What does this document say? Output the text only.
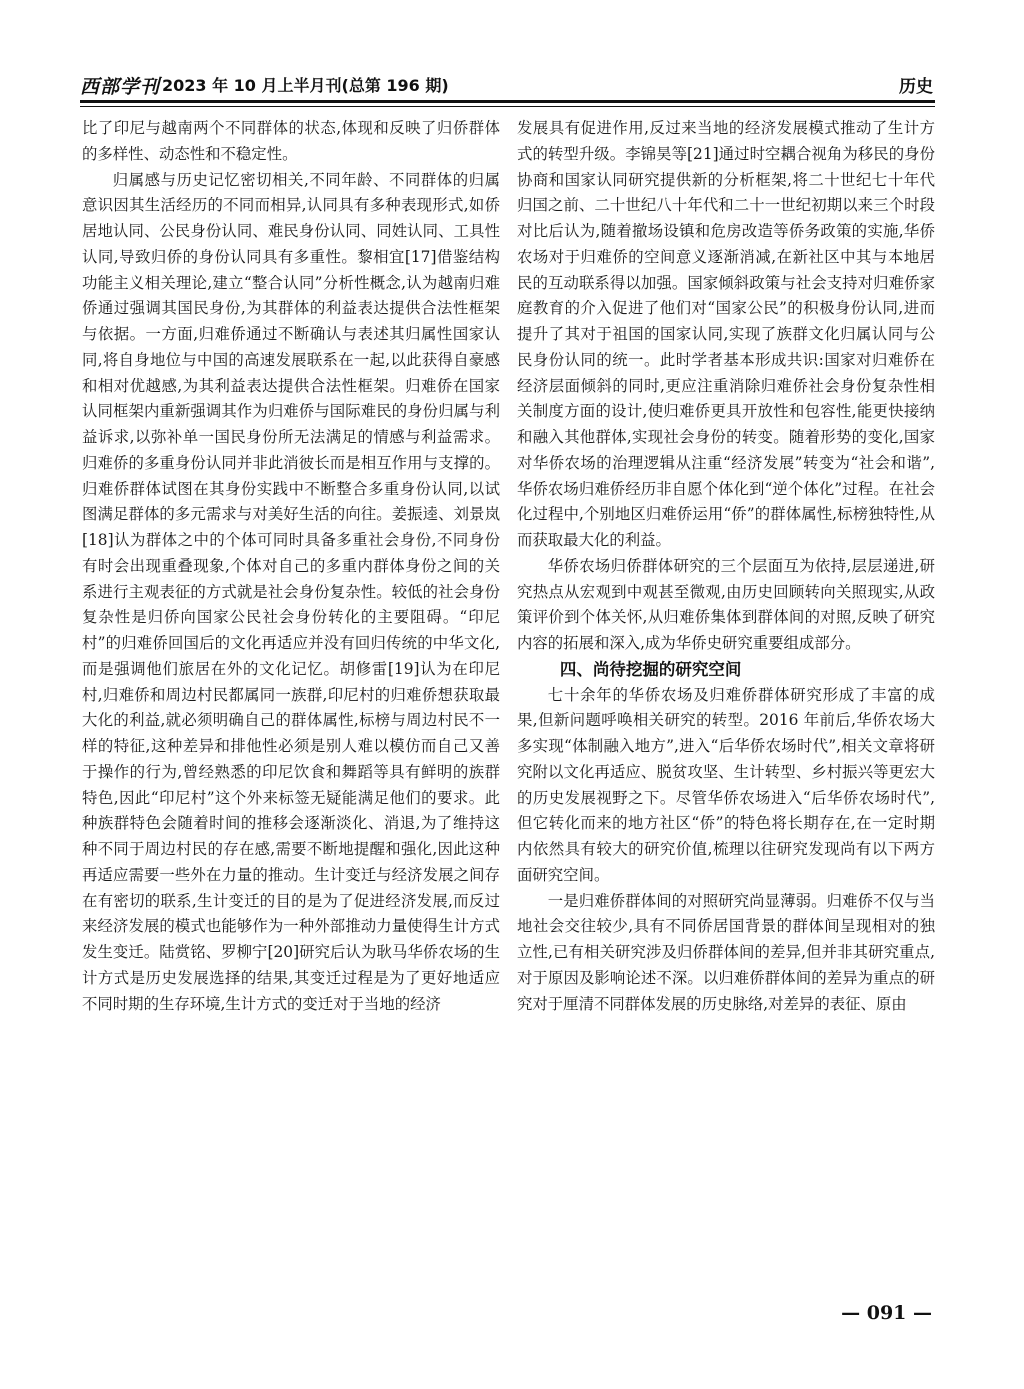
西部学刊 2023 年 10 月上半月刊(总第 196 期)	历史

比了印尼与越南两个不同群体的状态,体现和反映了归侨群体的多样性、动态性和不稳定性。

归属感与历史记忆密切相关,不同年龄、不同群体的归属意识因其生活经历的不同而相异,认同具有多种表现形式,如侨居地认同、公民身份认同、难民身份认同、同姓认同、工具性认同,导致归侨的身份认同具有多重性。黎相宜[17]借鉴结构功能主义相关理论,建立“整合认同”分析性概念,认为越南归难侨通过强调其国民身份,为其群体的利益表达提供合法性框架与依据。一方面,归难侨通过不断确认与表述其归属性国家认同,将自身地位与中国的高速发展联系在一起,以此获得自豪感和相对优越感,为其利益表达提供合法性框架。归难侨在国家认同框架内重新强调其作为归难侨与国际难民的身份归属与利益诉求,以弥补单一国民身份所无法满足的情感与利益需求。归难侨的多重身份认同并非此消彼长而是相互作用与支撑的。归难侨群体试图在其身份实践中不断整合多重身份认同,以试图满足群体的多元需求与对美好生活的向往。姜振逵、刘景岚[18]认为群体之中的个体可同时具备多重社会身份,不同身份有时会出现重叠现象,个体对自己的多重内群体身份之间的关系进行主观表征的方式就是社会身份复杂性。较低的社会身份复杂性是归侨向国家公民社会身份转化的主要阻碍。“印尼村”的归难侨回国后的文化再适应并没有回归传统的中华文化,而是强调他们旅居在外的文化记忆。胡修雷[19]认为在印尼村,归难侨和周边村民都属同一族群,印尼村的归难侨想获取最大化的利益,就必须明确自己的群体属性,标榜与周边村民不一样的特征,这种差异和排他性必须是别人难以模仿而自己又善于操作的行为,曾经熟悉的印尼饮食和舞蹈等具有鲜明的族群特色,因此“印尼村”这个外来标签无疑能满足他们的要求。此种族群特色会随着时间的推移会逐渐淡化、消退,为了维持这种不同于周边村民的存在感,需要不断地提醒和强化,因此这种再适应需要一些外在力量的推动。生计变迁与经济发展之间存在有密切的联系,生计变迁的目的是为了促进经济发展,而反过来经济发展的模式也能够作为一种外部推动力量使得生计方式发生变迁。陆赏铭、罗柳宁[20]研究后认为耿马华侨农场的生计方式是历史发展选择的结果,其变迁过程是为了更好地适应不同时期的生存环境,生计方式的变迁对于当地的经济

发展具有促进作用,反过来当地的经济发展模式推动了生计方式的转型升级。李锦昊等[21]通过时空耦合视角为移民的身份协商和国家认同研究提供新的分析框架,将二十世纪七十年代归国之前、二十世纪八十年代和二十一世纪初期以来三个时段对比后认为,随着撤场设镇和危房改造等侨务政策的实施,华侨农场对于归难侨的空间意义逐渐消减,在新社区中其与本地居民的互动联系得以加强。国家倾斜政策与社会支持对归难侨家庭教育的介入促进了他们对“国家公民”的积极身份认同,进而提升了其对于祖国的国家认同,实现了族群文化归属认同与公民身份认同的统一。此时学者基本形成共识:国家对归难侨在经济层面倾斜的同时,更应注重消除归难侨社会身份复杂性相关制度方面的设计,使归难侨更具开放性和包容性,能更快接纳和融入其他群体,实现社会身份的转变。随着形势的变化,国家对华侨农场的治理逻辑从注重“经济发展”转变为“社会和谐”,华侨农场归难侨经历非自愿个体化到“逆个体化”过程。在社会化过程中,个别地区归难侨运用“侨”的群体属性,标榜独特性,从而获取最大化的利益。

华侨农场归侨群体研究的三个层面互为依持,层层递进,研究热点从宏观到中观甚至微观,由历史回顾转向关照现实,从政策评价到个体关怀,从归难侨集体到群体间的对照,反映了研究内容的拓展和深入,成为华侨史研究重要组成部分。

四、尚待挖掘的研究空间

七十余年的华侨农场及归难侨群体研究形成了丰富的成果,但新问题呼唤相关研究的转型。2016 年前后,华侨农场大多实现“体制融入地方”,进入“后华侨农场时代”,相关文章将研究附以文化再适应、脱贫攻坚、生计转型、乡村振兴等更宏大的历史发展视野之下。尽管华侨农场进入“后华侨农场时代”,但它转化而来的地方社区“侨”的特色将长期存在,在一定时期内依然具有较大的研究价值,梳理以往研究发现尚有以下两方面研究空间。

一是归难侨群体间的对照研究尚显薄弱。归难侨不仅与当地社会交往较少,具有不同侨居国背景的群体间呈现相对的独立性,已有相关研究涉及归侨群体间的差异,但并非其研究重点,对于原因及影响论述不深。以归难侨群体间的差异为重点的研究对于厘清不同群体发展的历史脉络,对差异的表征、原由

— 091 —
